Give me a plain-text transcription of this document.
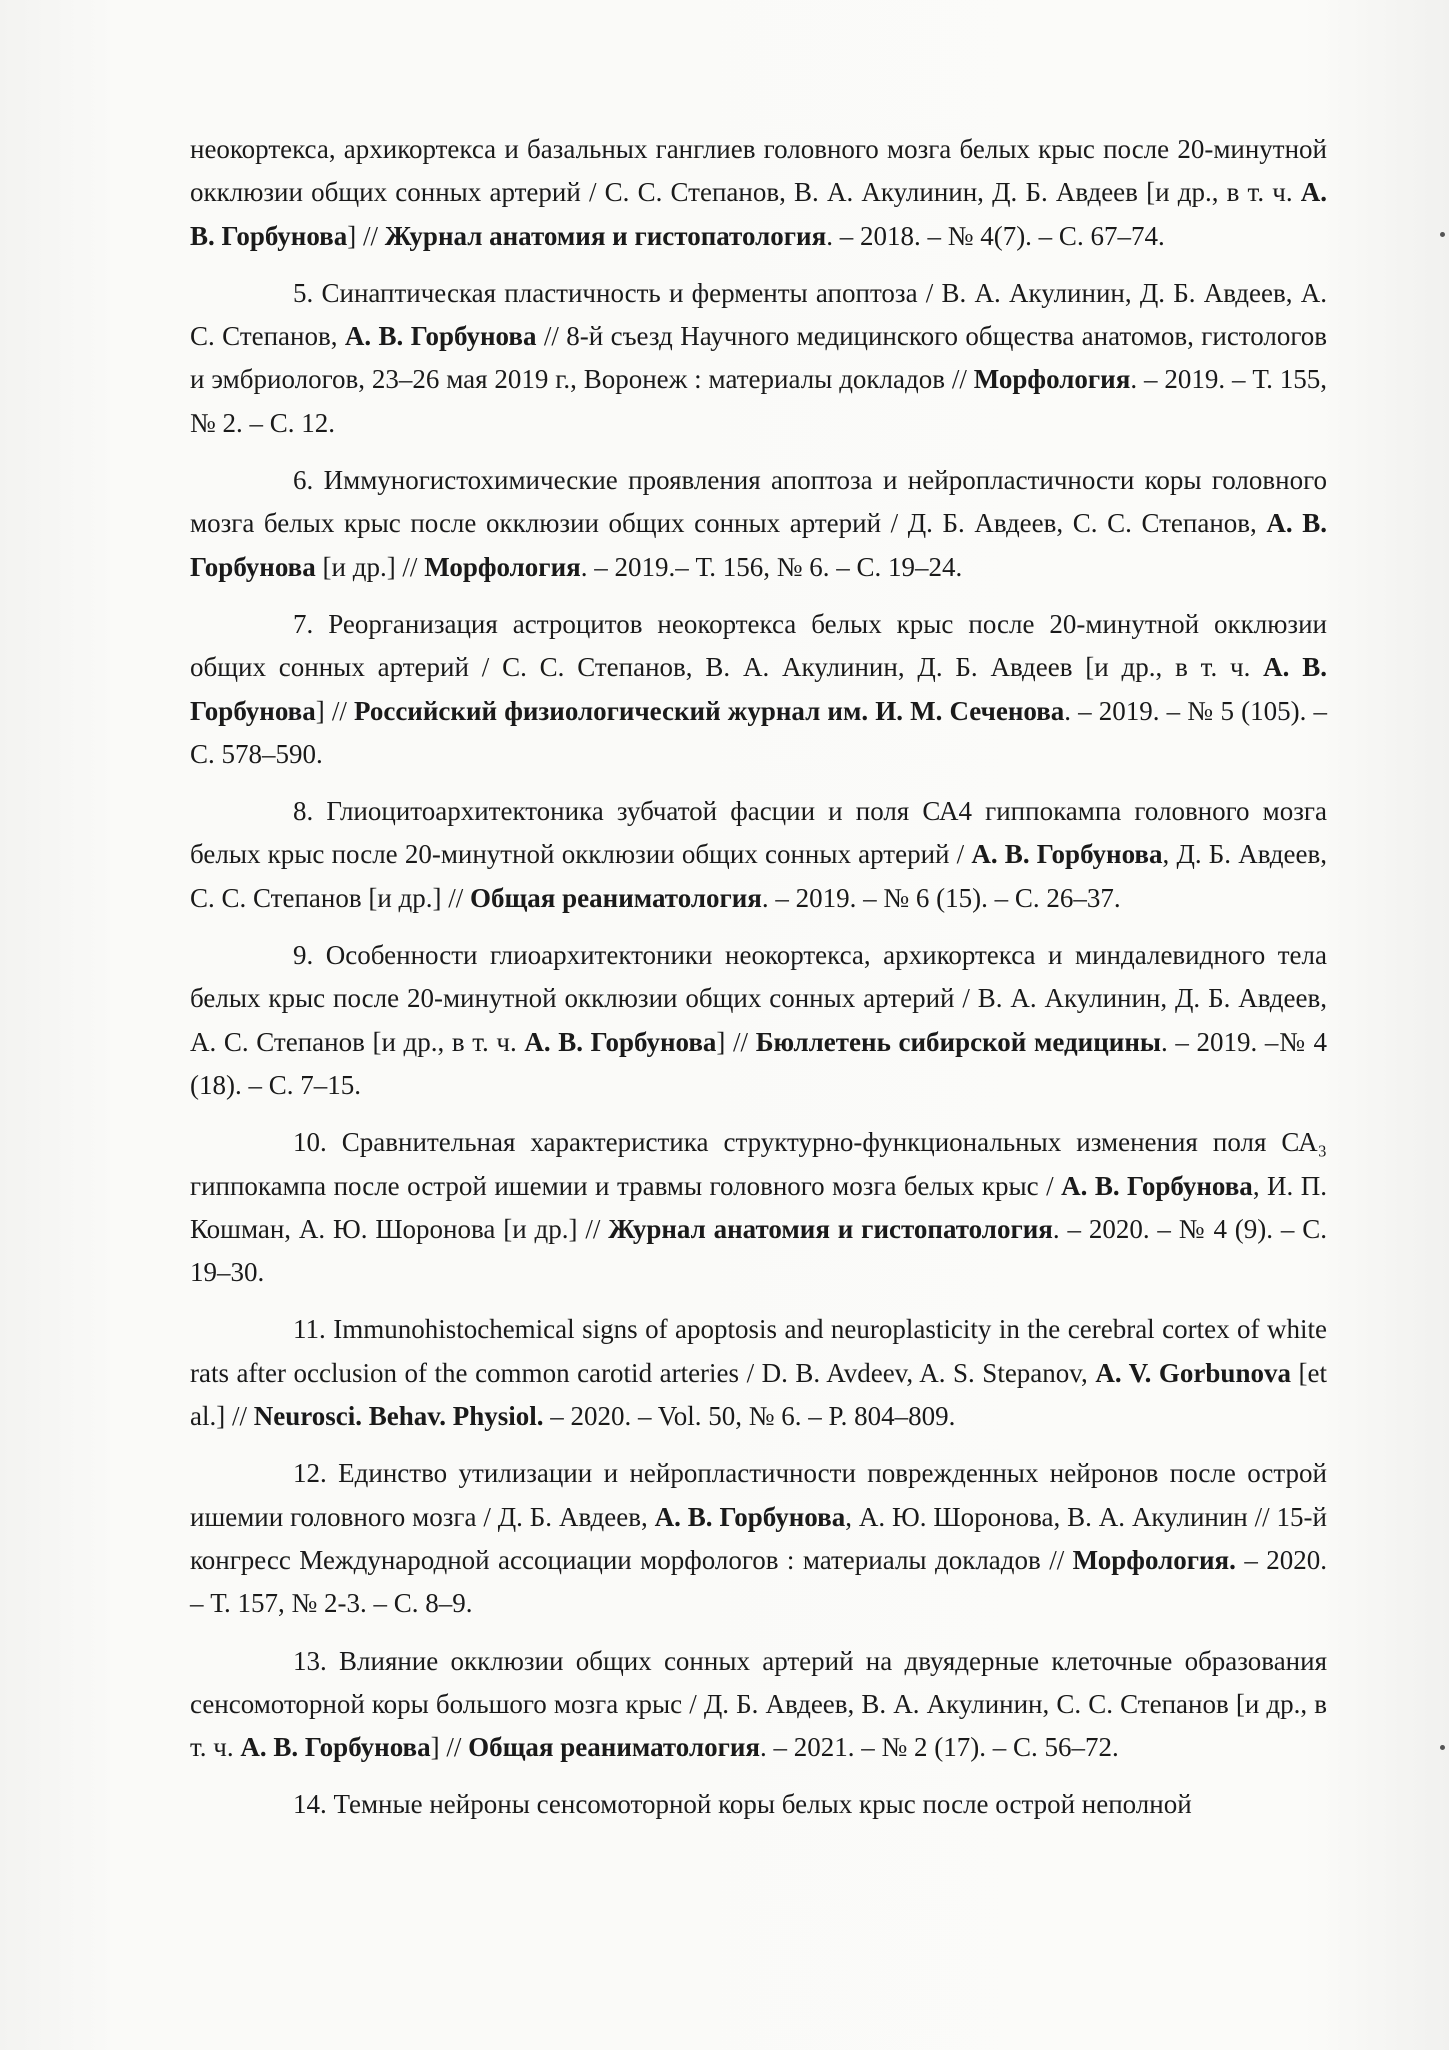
неокортекса, архикортекса и базальных ганглиев головного мозга белых крыс после 20-минутной окклюзии общих сонных артерий / С. С. Степанов, В. А. Акулинин, Д. Б. Авдеев [и др., в т. ч. А. В. Горбунова] // Журнал анатомия и гистопатология. – 2018. – № 4(7). – С. 67–74.

5. Синаптическая пластичность и ферменты апоптоза / В. А. Акулинин, Д. Б. Авдеев, А. С. Степанов, А. В. Горбунова // 8-й съезд Научного медицинского общества анатомов, гистологов и эмбриологов, 23–26 мая 2019 г., Воронеж : материалы докладов // Морфология. – 2019. – Т. 155, № 2. – С. 12.

6. Иммуногистохимические проявления апоптоза и нейропластичности коры головного мозга белых крыс после окклюзии общих сонных артерий / Д. Б. Авдеев, С. С. Степанов, А. В. Горбунова [и др.] // Морфология. – 2019.– Т. 156, № 6. – С. 19–24.

7. Реорганизация астроцитов неокортекса белых крыс после 20-минутной окклюзии общих сонных артерий / С. С. Степанов, В. А. Акулинин, Д. Б. Авдеев [и др., в т. ч. А. В. Горбунова] // Российский физиологический журнал им. И. М. Сеченова. – 2019. – № 5 (105). – С. 578–590.

8. Глиоцитоархитектоника зубчатой фасции и поля СА4 гиппокампа головного мозга белых крыс после 20-минутной окклюзии общих сонных артерий / А. В. Горбунова, Д. Б. Авдеев, С. С. Степанов [и др.] // Общая реаниматология. – 2019. – № 6 (15). – С. 26–37.

9. Особенности глиоархитектоники неокортекса, архикортекса и миндалевидного тела белых крыс после 20-минутной окклюзии общих сонных артерий / В. А. Акулинин, Д. Б. Авдеев, А. С. Степанов [и др., в т. ч. А. В. Горбунова] // Бюллетень сибирской медицины. – 2019. –№ 4 (18). – С. 7–15.

10. Сравнительная характеристика структурно-функциональных изменения поля СА₃ гиппокампа после острой ишемии и травмы головного мозга белых крыс / А. В. Горбунова, И. П. Кошман, А. Ю. Шоронова [и др.] // Журнал анатомия и гистопатология. – 2020. – № 4 (9). – С. 19–30.

11. Immunohistochemical signs of apoptosis and neuroplasticity in the cerebral cortex of white rats after occlusion of the common carotid arteries / D. B. Avdeev, A. S. Stepanov, A. V. Gorbunova [et al.] // Neurosci. Behav. Physiol. – 2020. – Vol. 50, № 6. – P. 804–809.

12. Единство утилизации и нейропластичности поврежденных нейронов после острой ишемии головного мозга / Д. Б. Авдеев, А. В. Горбунова, А. Ю. Шоронова, В. А. Акулинин // 15-й конгресс Международной ассоциации морфологов : материалы докладов // Морфология. – 2020. – Т. 157, № 2-3. – С. 8–9.

13. Влияние окклюзии общих сонных артерий на двуядерные клеточные образования сенсомоторной коры большого мозга крыс / Д. Б. Авдеев, В. А. Акулинин, С. С. Степанов [и др., в т. ч. А. В. Горбунова] // Общая реаниматология. – 2021. – № 2 (17). – С. 56–72.

14. Темные нейроны сенсомоторной коры белых крыс после острой неполной
